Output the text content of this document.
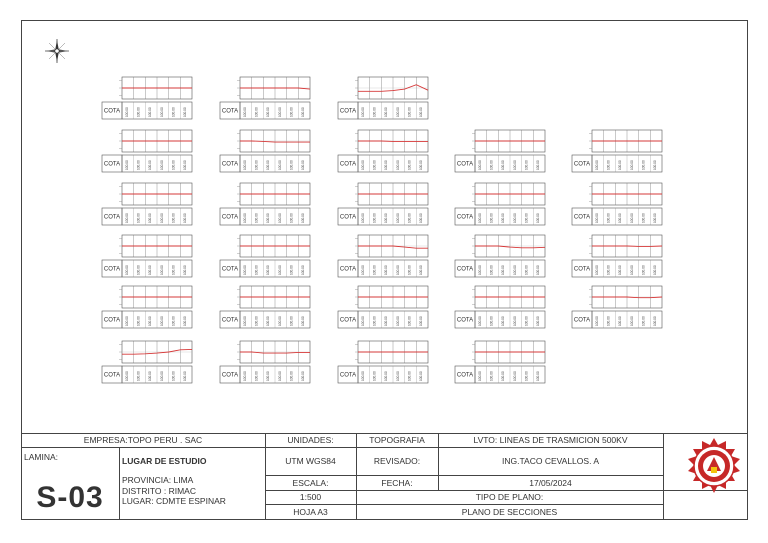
COTA 100.00 100.00 100.00 100.00 100.00 100.00	COTA 100.00 100.00 100.00 100.00 100.00 100.00	COTA 100.00 100.00 100.00 100.00 100.00 100.00
COTA 100.00 100.00 100.00 100.00 100.00 100.00	COTA 100.00 100.00 100.00 100.00 100.00 100.00	COTA 100.00 100.00 100.00 100.00 100.00 100.00	COTA 100.00 100.00 100.00 100.00 100.00 100.00	COTA 100.00 100.00 100.00 100.00 100.00 100.00
COTA 100.00 100.00 100.00 100.00 100.00 100.00	COTA 100.00 100.00 100.00 100.00 100.00 100.00	COTA 100.00 100.00 100.00 100.00 100.00 100.00	COTA 100.00 100.00 100.00 100.00 100.00 100.00	COTA 100.00 100.00 100.00 100.00 100.00 100.00
COTA 100.00 100.00 100.00 100.00 100.00 100.00	COTA 100.00 100.00 100.00 100.00 100.00 100.00	COTA 100.00 100.00 100.00 100.00 100.00 100.00	COTA 100.00 100.00 100.00 100.00 100.00 100.00	COTA 100.00 100.00 100.00 100.00 100.00 100.00
COTA 100.00 100.00 100.00 100.00 100.00 100.00	COTA 100.00 100.00 100.00 100.00 100.00 100.00	COTA 100.00 100.00 100.00 100.00 100.00 100.00	COTA 100.00 100.00 100.00 100.00 100.00 100.00	COTA 100.00 100.00 100.00 100.00 100.00 100.00
COTA 100.00 100.00 100.00 100.00 100.00 100.00	COTA 100.00 100.00 100.00 100.00 100.00 100.00	COTA 100.00 100.00 100.00 100.00 100.00 100.00	COTA 100.00 100.00 100.00 100.00 100.00 100.00
EMPRESA:TOPO PERU . SAC	UNIDADES:	TOPOGRAFIA	LVTO: LINEAS DE TRASMICION 500KV
LAMINA:	LUGAR DE ESTUDIO	UTM WGS84	REVISADO:	ING.TACO CEVALLOS. A
S-03
PROVINCIA: LIMA
DISTRITO : RIMAC
LUGAR: CDMTE ESPINAR
ESCALA:	FECHA:	17/05/2024
1:500	TIPO DE PLANO:
HOJA A3	PLANO DE SECCIONES
